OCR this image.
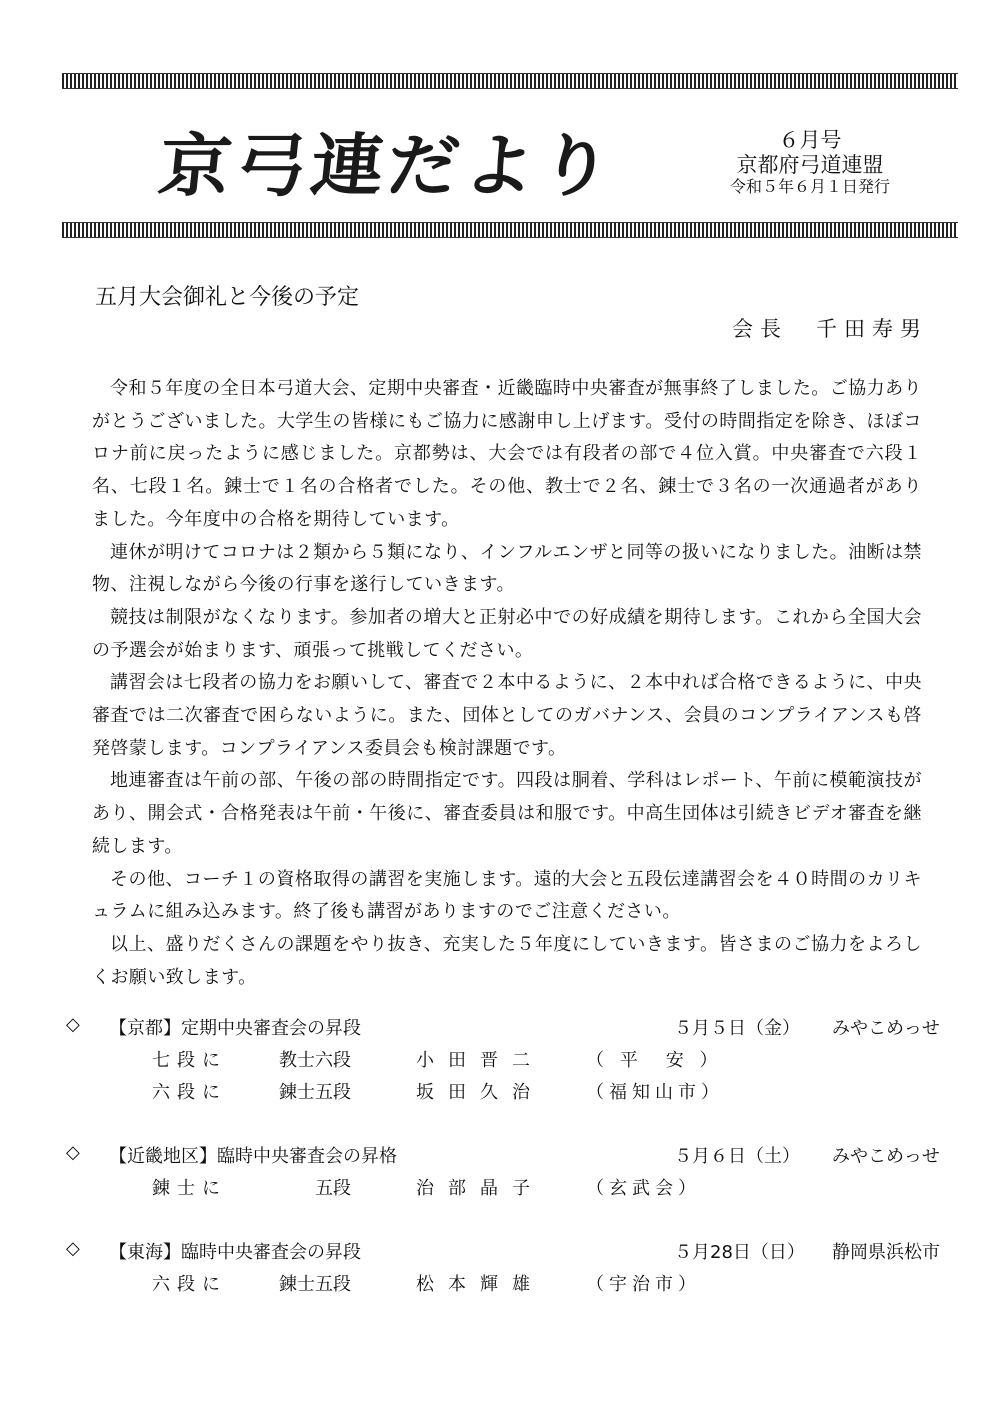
京弓連だより	６月号
京都府弓道連盟
令和５年６月１日発行
五月大会御礼と今後の予定
会長　千田寿男

令和５年度の全日本弓道大会、定期中央審査・近畿臨時中央審査が無事終了しました。ご協力ありがとうございました。大学生の皆様にもご協力に感謝申し上げます。受付の時間指定を除き、ほぼコロナ前に戻ったように感じました。京都勢は、大会では有段者の部で４位入賞。中央審査で六段１名、七段１名。錬士で１名の合格者でした。その他、教士で２名、錬士で３名の一次通過者がありました。今年度中の合格を期待しています。

連休が明けてコロナは２類から５類になり、インフルエンザと同等の扱いになりました。油断は禁物、注視しながら今後の行事を遂行していきます。

競技は制限がなくなります。参加者の増大と正射必中での好成績を期待します。これから全国大会の予選会が始まります、頑張って挑戦してください。

講習会は七段者の協力をお願いして、審査で２本中るように、２本中れば合格できるように、中央審査では二次審査で困らないように。また、団体としてのガバナンス、会員のコンプライアンスも啓発啓蒙します。コンプライアンス委員会も検討課題です。

地連審査は午前の部、午後の部の時間指定です。四段は胴着、学科はレポート、午前に模範演技があり、開会式・合格発表は午前・午後に、審査委員は和服です。中高生団体は引続きビデオ審査を継続します。

その他、コーチ１の資格取得の講習を実施します。遠的大会と五段伝達講習会を４０時間のカリキュラムに組み込みます。終了後も講習がありますのでご注意ください。

以上、盛りだくさんの課題をやり抜き、充実した５年度にしていきます。皆さまのご協力をよろしくお願い致します。

◇ 【京都】定期中央審査会の昇段	５月５日（金） みやこめっせ
七段に	教士六段	小田晋二 （ 平　安 ）
六段に	錬士五段	坂田久治 （福知山市）
◇ 【近畿地区】臨時中央審査会の昇格	５月６日（土） みやこめっせ
錬士に	　　五段	治部晶子 （玄武会）
◇ 【東海】臨時中央審査会の昇段	５月28日（日） 静岡県浜松市
六段に	錬士五段	松本輝雄 （宇治市）
